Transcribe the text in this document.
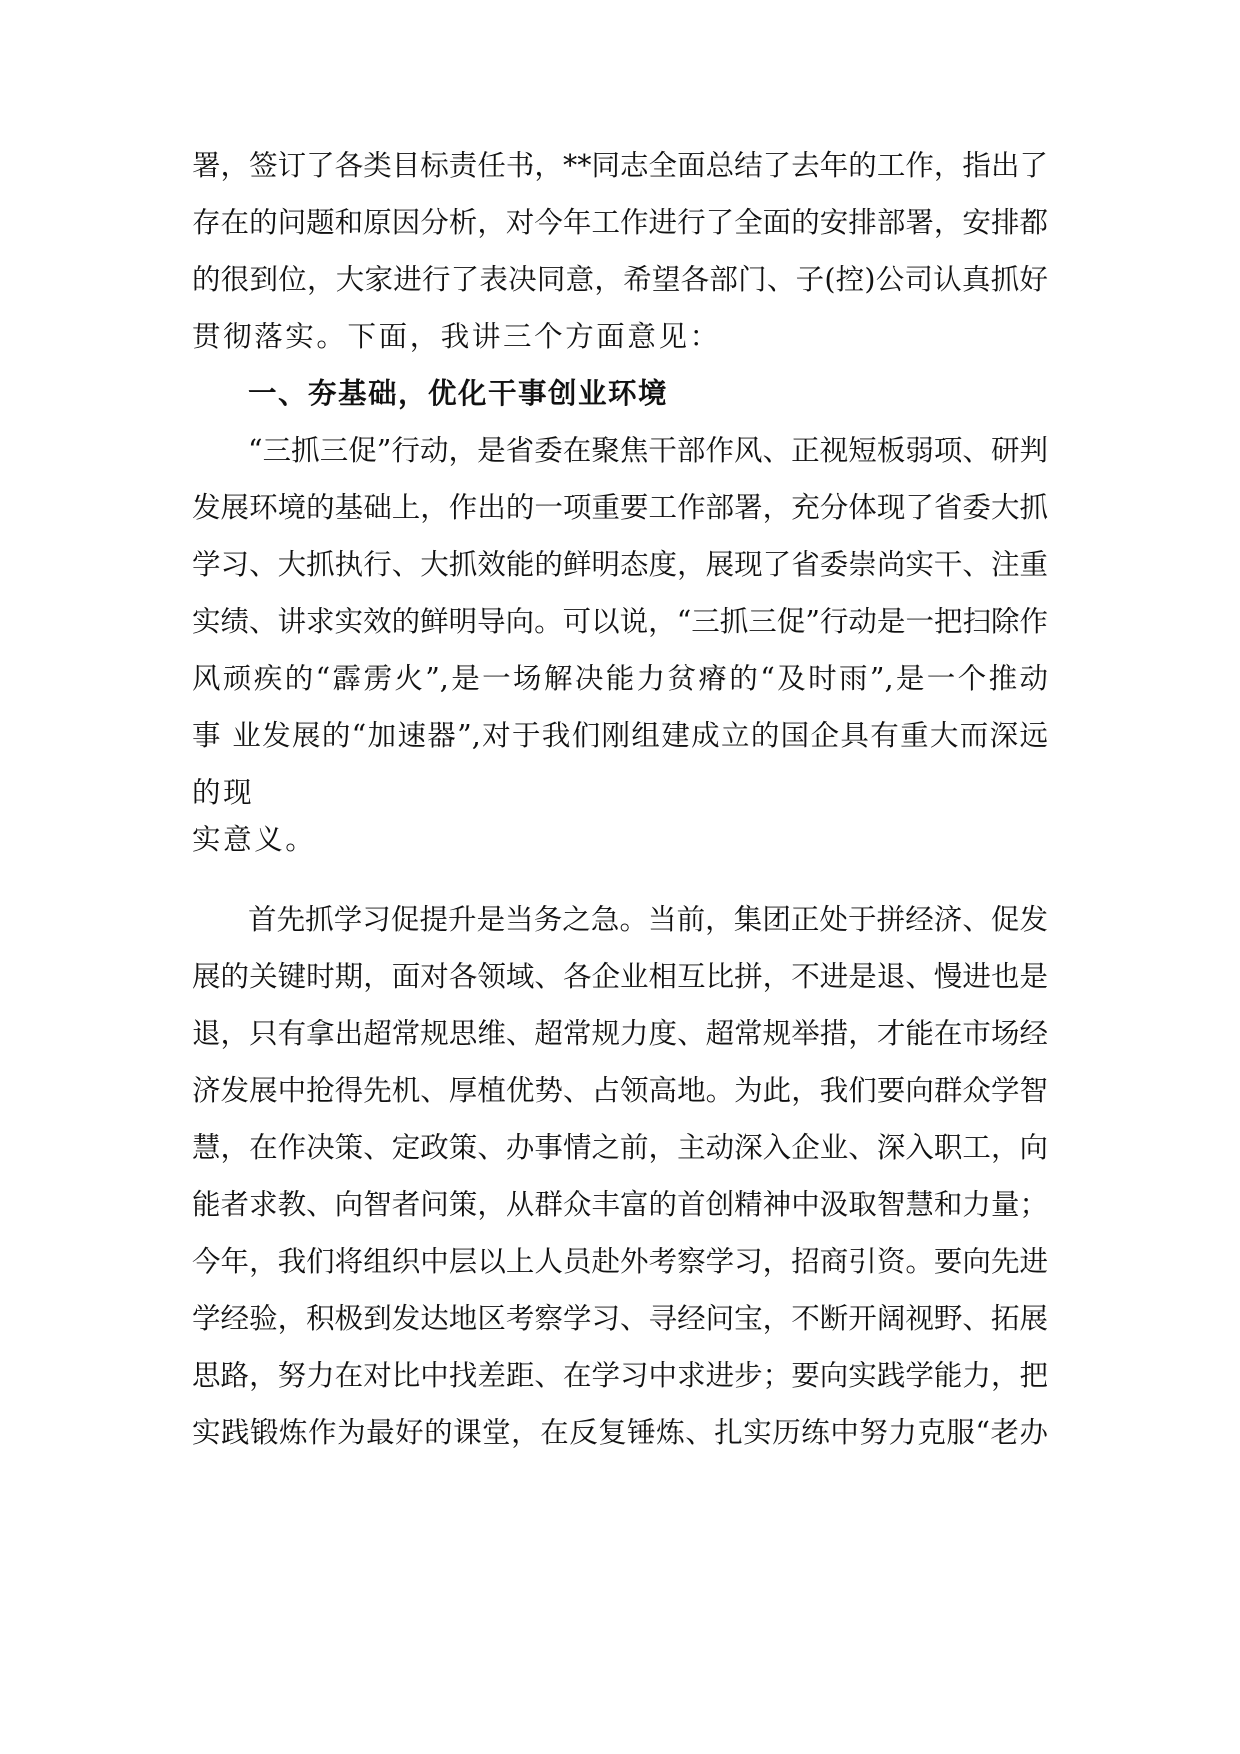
署，签订了各类目标责任书，**同志全面总结了去年的工作，指出了
存在的问题和原因分析，对今年工作进行了全面的安排部署，安排都
的很到位，大家进行了表决同意，希望各部门、子(控)公司认真抓好
贯彻落实。下面，我讲三个方面意见：
一、夯基础，优化干事创业环境
“三抓三促”行动，是省委在聚焦干部作风、正视短板弱项、研判
发展环境的基础上，作出的一项重要工作部署，充分体现了省委大抓
学习、大抓执行、大抓效能的鲜明态度，展现了省委崇尚实干、注重
实绩、讲求实效的鲜明导向。可以说，“三抓三促”行动是一把扫除作
风顽疾的“霹雳火”,是一场解决能力贫瘠的“及时雨”,是一个推动
事 业发展的“加速器”,对于我们刚组建成立的国企具有重大而深远
的现
实意义。
首先抓学习促提升是当务之急。当前，集团正处于拼经济、促发
展的关键时期，面对各领域、各企业相互比拼，不进是退、慢进也是
退，只有拿出超常规思维、超常规力度、超常规举措，才能在市场经
济发展中抢得先机、厚植优势、占领高地。为此，我们要向群众学智
慧，在作决策、定政策、办事情之前，主动深入企业、深入职工，向
能者求教、向智者问策，从群众丰富的首创精神中汲取智慧和力量；
今年，我们将组织中层以上人员赴外考察学习，招商引资。要向先进
学经验，积极到发达地区考察学习、寻经问宝，不断开阔视野、拓展
思路，努力在对比中找差距、在学习中求进步；要向实践学能力，把
实践锻炼作为最好的课堂，在反复锤炼、扎实历练中努力克服“老办
